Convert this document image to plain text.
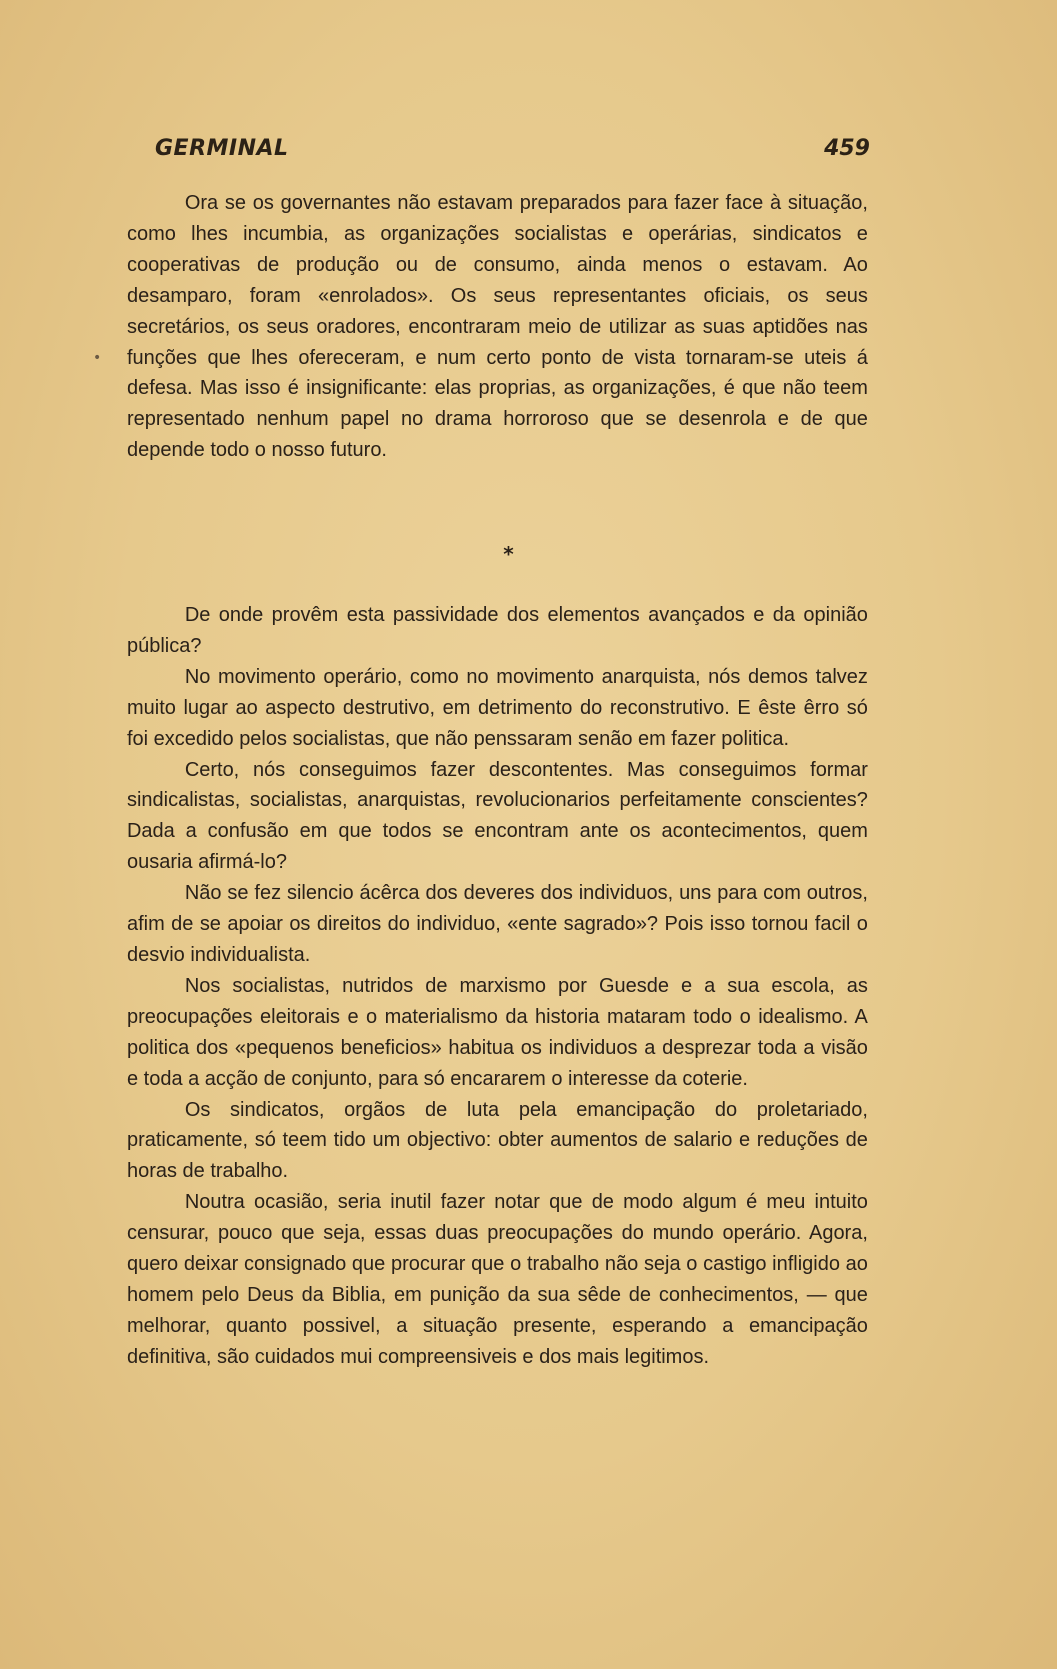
GERMINAL	459

Ora se os governantes não estavam preparados para fazer face à situação, como lhes incumbia, as organizações socialistas e operárias, sindicatos e cooperativas de produção ou de consumo, ainda menos o estavam. Ao desamparo, foram «enrolados». Os seus representantes oficiais, os seus secretários, os seus oradores, encontraram meio de utilizar as suas aptidões nas funções que lhes ofereceram, e num certo ponto de vista tornaram-se uteis á defesa. Mas isso é insignificante: elas proprias, as organizações, é que não teem representado nenhum papel no drama horroroso que se desenrola e de que depende todo o nosso futuro.

*

De onde provêm esta passividade dos elementos avançados e da opinião pública?

No movimento operário, como no movimento anarquista, nós demos talvez muito lugar ao aspecto destrutivo, em detrimento do reconstrutivo. E êste êrro só foi excedido pelos socialistas, que não penssaram senão em fazer politica.

Certo, nós conseguimos fazer descontentes. Mas conseguimos formar sindicalistas, socialistas, anarquistas, revolucionarios perfeitamente conscientes? Dada a confusão em que todos se encontram ante os acontecimentos, quem ousaria afirmá-lo?

Não se fez silencio ácêrca dos deveres dos individuos, uns para com outros, afim de se apoiar os direitos do individuo, «ente sagrado»? Pois isso tornou facil o desvio individualista.

Nos socialistas, nutridos de marxismo por Guesde e a sua escola, as preocupações eleitorais e o materialismo da historia mataram todo o idealismo. A politica dos «pequenos beneficios» habitua os individuos a desprezar toda a visão e toda a acção de conjunto, para só encararem o interesse da coterie.

Os sindicatos, orgãos de luta pela emancipação do proletariado, praticamente, só teem tido um objectivo: obter aumentos de salario e reduções de horas de trabalho.

Noutra ocasião, seria inutil fazer notar que de modo algum é meu intuito censurar, pouco que seja, essas duas preocupações do mundo operário. Agora, quero deixar consignado que procurar que o trabalho não seja o castigo infligido ao homem pelo Deus da Biblia, em punição da sua sêde de conhecimentos, — que melhorar, quanto possivel, a situação presente, esperando a emancipação definitiva, são cuidados mui compreensiveis e dos mais legitimos.

•
